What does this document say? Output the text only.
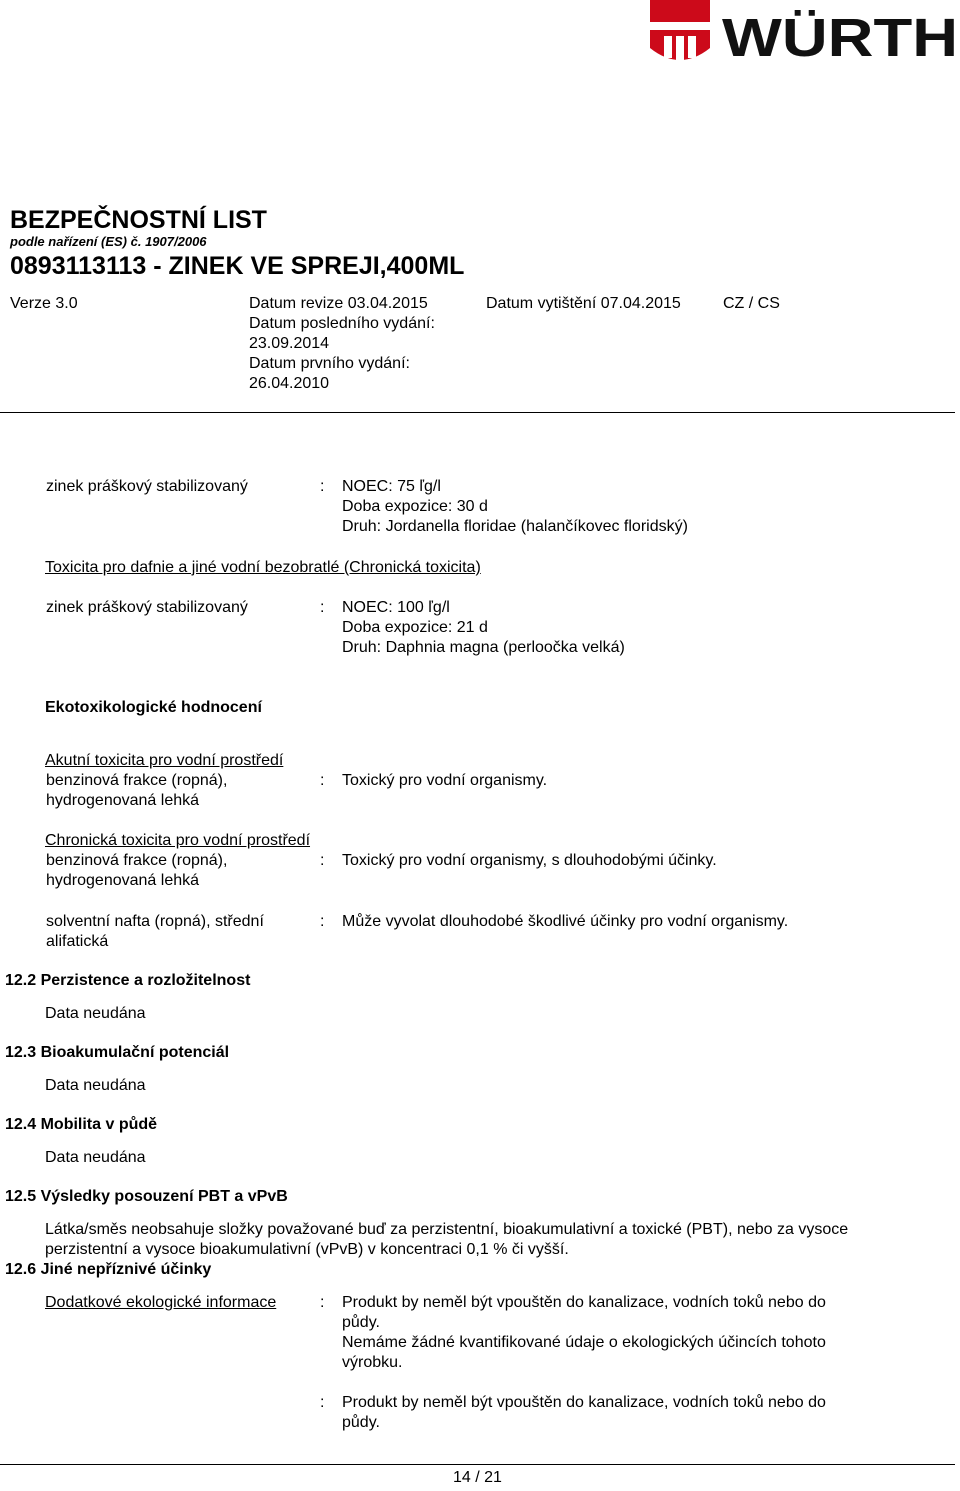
WÜRTH
BEZPEČNOSTNÍ LIST
podle nařízení (ES) č. 1907/2006
0893113113 - ZINEK VE SPREJI,400ML
Verze 3.0	Datum revize 03.04.2015
Datum posledního vydání:
23.09.2014
Datum prvního vydání:
26.04.2010
Datum vytištění 07.04.2015	CZ / CS
zinek práškový stabilizovaný	: NOEC: 75 ľg/l
Doba expozice: 30 d
Druh: Jordanella floridae (halančíkovec floridský)
Toxicita pro dafnie a jiné vodní bezobratlé (Chronická toxicita)
zinek práškový stabilizovaný	: NOEC: 100 ľg/l
Doba expozice: 21 d
Druh: Daphnia magna (perloočka velká)
Ekotoxikologické hodnocení
Akutní toxicita pro vodní prostředí
benzinová frakce (ropná),
hydrogenovaná lehká
: Toxický pro vodní organismy.
Chronická toxicita pro vodní prostředí
benzinová frakce (ropná),
hydrogenovaná lehká
: Toxický pro vodní organismy, s dlouhodobými účinky.
solventní nafta (ropná), střední
alifatická
: Může vyvolat dlouhodobé škodlivé účinky pro vodní organismy.
12.2 Perzistence a rozložitelnost
Data neudána
12.3 Bioakumulační potenciál
Data neudána
12.4 Mobilita v půdě
Data neudána
12.5 Výsledky posouzení PBT a vPvB
Látka/směs neobsahuje složky považované buď za perzistentní, bioakumulativní a toxické (PBT), nebo za vysoce
perzistentní a vysoce bioakumulativní (vPvB) v koncentraci 0,1 % či vyšší.
12.6 Jiné nepříznivé účinky
Dodatkové ekologické informace	: Produkt by neměl být vpouštěn do kanalizace, vodních toků nebo do
půdy.
Nemáme žádné kvantifikované údaje o ekologických účincích tohoto
výrobku.
: Produkt by neměl být vpouštěn do kanalizace, vodních toků nebo do
půdy.
14 / 21
